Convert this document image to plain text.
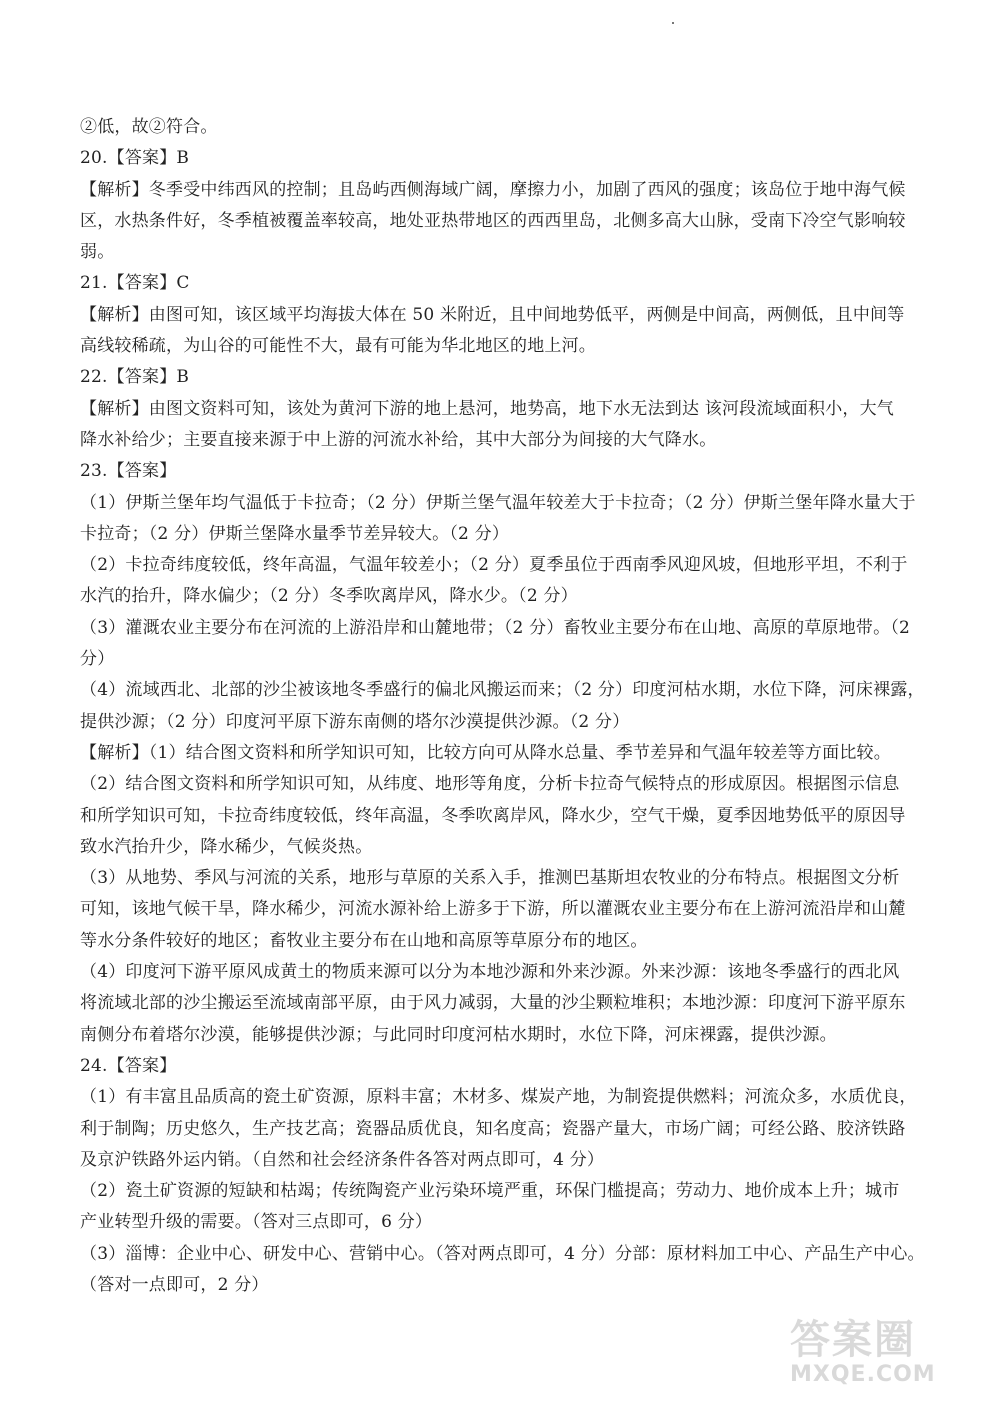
②低，故②符合。
20.【答案】B
【解析】冬季受中纬西风的控制；且岛屿西侧海域广阔，摩擦力小，加剧了西风的强度；该岛位于地中海气候
区，水热条件好，冬季植被覆盖率较高，地处亚热带地区的西西里岛，北侧多高大山脉，受南下冷空气影响较
弱。
21.【答案】C
【解析】由图可知，该区域平均海拔大体在 50 米附近，且中间地势低平，两侧是中间高，两侧低，且中间等
高线较稀疏，为山谷的可能性不大，最有可能为华北地区的地上河。
22.【答案】B
【解析】由图文资料可知，该处为黄河下游的地上悬河，地势高，地下水无法到达 该河段流域面积小，大气
降水补给少；主要直接来源于中上游的河流水补给，其中大部分为间接的大气降水。
23.【答案】
（1）伊斯兰堡年均气温低于卡拉奇；（2 分）伊斯兰堡气温年较差大于卡拉奇；（2 分）伊斯兰堡年降水量大于
卡拉奇；（2 分）伊斯兰堡降水量季节差异较大。（2 分）
（2）卡拉奇纬度较低，终年高温，气温年较差小；（2 分）夏季虽位于西南季风迎风坡，但地形平坦，不利于
水汽的抬升，降水偏少；（2 分）冬季吹离岸风，降水少。（2 分）
（3）灌溉农业主要分布在河流的上游沿岸和山麓地带；（2 分）畜牧业主要分布在山地、高原的草原地带。（2
分）
（4）流域西北、北部的沙尘被该地冬季盛行的偏北风搬运而来；（2 分）印度河枯水期，水位下降，河床裸露，
提供沙源；（2 分）印度河平原下游东南侧的塔尔沙漠提供沙源。（2 分）
【解析】（1）结合图文资料和所学知识可知，比较方向可从降水总量、季节差异和气温年较差等方面比较。
（2）结合图文资料和所学知识可知，从纬度、地形等角度，分析卡拉奇气候特点的形成原因。根据图示信息
和所学知识可知，卡拉奇纬度较低，终年高温，冬季吹离岸风，降水少，空气干燥，夏季因地势低平的原因导
致水汽抬升少，降水稀少，气候炎热。
（3）从地势、季风与河流的关系，地形与草原的关系入手，推测巴基斯坦农牧业的分布特点。根据图文分析
可知，该地气候干旱，降水稀少，河流水源补给上游多于下游，所以灌溉农业主要分布在上游河流沿岸和山麓
等水分条件较好的地区；畜牧业主要分布在山地和高原等草原分布的地区。
（4）印度河下游平原风成黄土的物质来源可以分为本地沙源和外来沙源。外来沙源：该地冬季盛行的西北风
将流域北部的沙尘搬运至流域南部平原，由于风力减弱，大量的沙尘颗粒堆积；本地沙源：印度河下游平原东
南侧分布着塔尔沙漠，能够提供沙源；与此同时印度河枯水期时，水位下降，河床裸露，提供沙源。
24.【答案】
（1）有丰富且品质高的瓷土矿资源，原料丰富；木材多、煤炭产地，为制瓷提供燃料；河流众多，水质优良，
利于制陶；历史悠久，生产技艺高；瓷器品质优良，知名度高；瓷器产量大，市场广阔；可经公路、胶济铁路
及京沪铁路外运内销。（自然和社会经济条件各答对两点即可，4 分）
（2）瓷土矿资源的短缺和枯竭；传统陶瓷产业污染环境严重，环保门槛提高；劳动力、地价成本上升；城市
产业转型升级的需要。（答对三点即可，6 分）
（3）淄博：企业中心、研发中心、营销中心。（答对两点即可，4 分）分部：原材料加工中心、产品生产中心。
（答对一点即可，2 分）
答案圈
MXQE.COM
